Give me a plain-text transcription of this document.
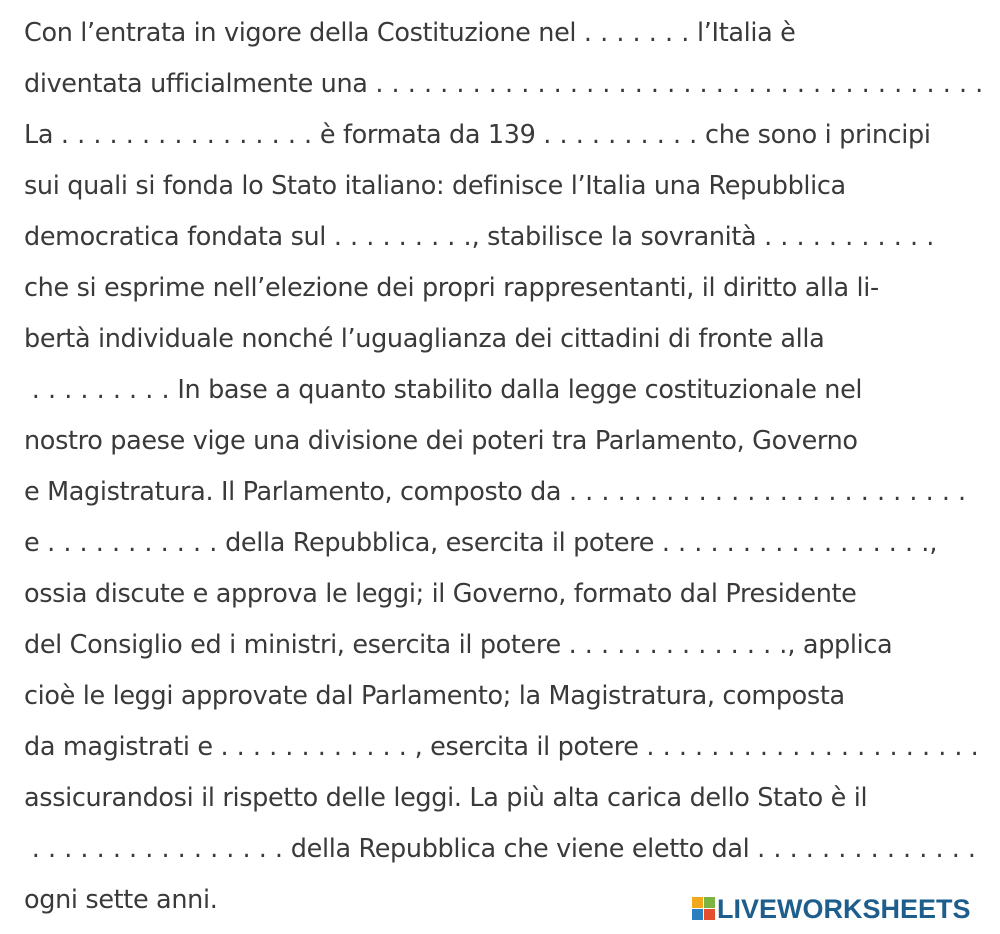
Con l’entrata in vigore della Costituzione nel . . . . . . . l’Italia è
diventata ufficialmente una . . . . . . . . . . . . . . . . . . . . . . . . . . . . . . . . . . . . . .
La . . . . . . . . . . . . . . . . è formata da 139 . . . . . . . . . . che sono i principi
sui quali si fonda lo Stato italiano: definisce l’Italia una Repubblica
democratica fondata sul . . . . . . . . ., stabilisce la sovranità . . . . . . . . . . .
che si esprime nell’elezione dei propri rappresentanti, il diritto alla li-
bertà individuale nonché l’uguaglianza dei cittadini di fronte alla
. . . . . . . . . In base a quanto stabilito dalla legge costituzionale nel
nostro paese vige una divisione dei poteri tra Parlamento, Governo
e Magistratura. Il Parlamento, composto da . . . . . . . . . . . . . . . . . . . . . . . . .
e . . . . . . . . . . . della Repubblica, esercita il potere . . . . . . . . . . . . . . . . .,
ossia discute e approva le leggi; il Governo, formato dal Presidente
del Consiglio ed i ministri, esercita il potere . . . . . . . . . . . . . ., applica
cioè le leggi approvate dal Parlamento; la Magistratura, composta
da magistrati e . . . . . . . . . . . . , esercita il potere . . . . . . . . . . . . . . . . . . . . .
assicurandosi il rispetto delle leggi. La più alta carica dello Stato è il
. . . . . . . . . . . . . . . . della Repubblica che viene eletto dal . . . . . . . . . . . . . .
ogni sette anni.	LIVEWORKSHEETS
